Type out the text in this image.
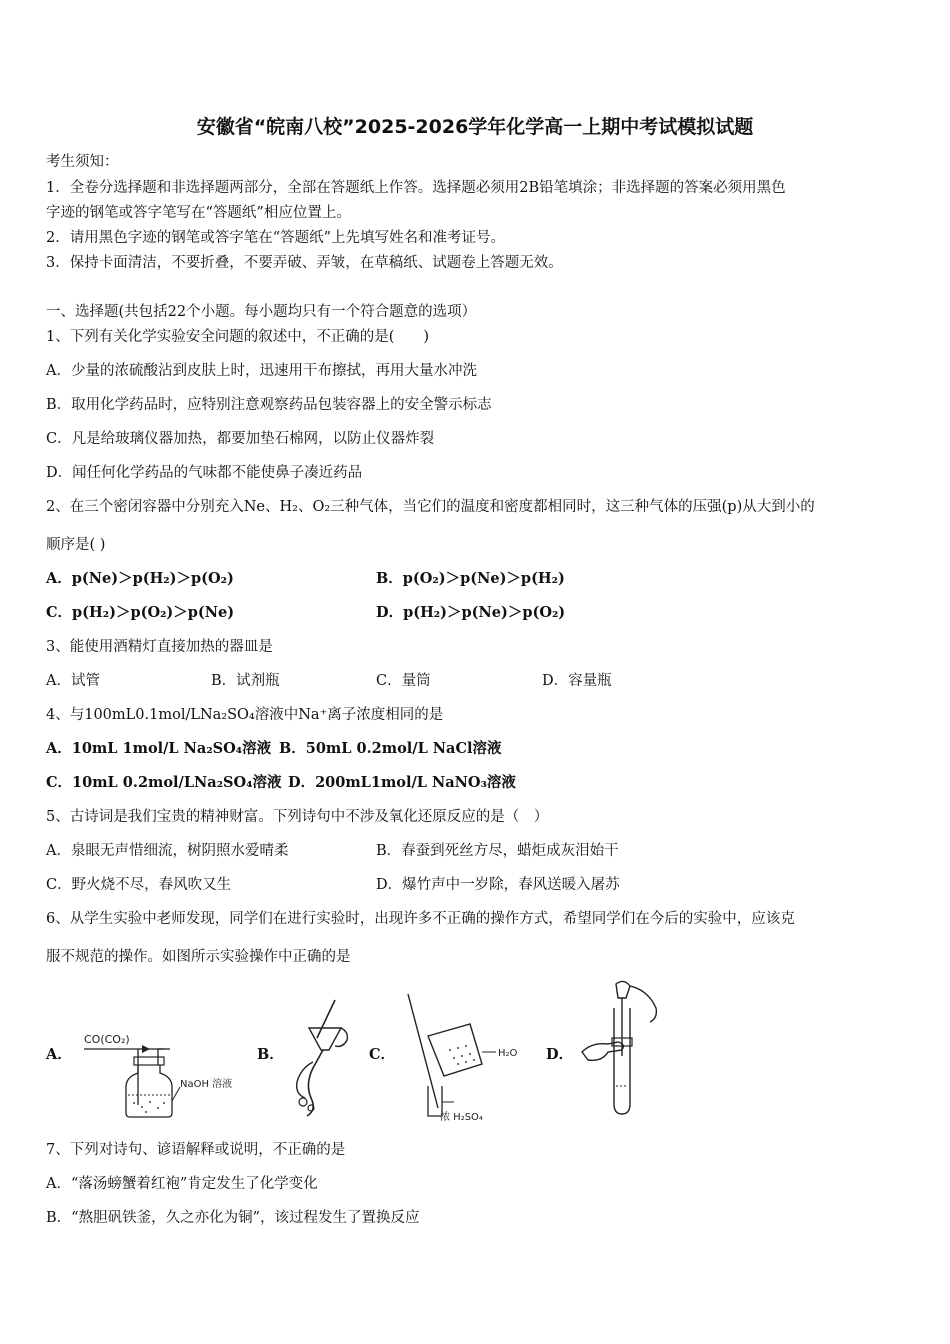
安徽省“皖南八校”2025-2026学年化学高一上期中考试模拟试题
考生须知：
1．全卷分选择题和非选择题两部分，全部在答题纸上作答。选择题必须用2B铅笔填涂；非选择题的答案必须用黑色
字迹的钢笔或答字笔写在“答题纸”相应位置上。
2．请用黑色字迹的钢笔或答字笔在“答题纸”上先填写姓名和准考证号。
3．保持卡面清洁，不要折叠，不要弄破、弄皱，在草稿纸、试题卷上答题无效。
一、选择题(共包括22个小题。每小题均只有一个符合题意的选项）
1、下列有关化学实验安全问题的叙述中，不正确的是(　　)
A．少量的浓硫酸沾到皮肤上时，迅速用干布擦拭，再用大量水冲洗
B．取用化学药品时，应特别注意观察药品包装容器上的安全警示标志
C．凡是给玻璃仪器加热，都要加垫石棉网，以防止仪器炸裂
D．闻任何化学药品的气味都不能使鼻子凑近药品
2、在三个密闭容器中分别充入Ne、H₂、O₂三种气体，当它们的温度和密度都相同时，这三种气体的压强(p)从大到小的
顺序是( )
A．p(Ne)＞p(H₂)＞p(O₂)	B．p(O₂)＞p(Ne)＞p(H₂)
C．p(H₂)＞p(O₂)＞p(Ne)	D．p(H₂)＞p(Ne)＞p(O₂)
3、能使用酒精灯直接加热的器皿是
A．试管	B．试剂瓶	C．量筒	D．容量瓶
4、与100mL0.1mol/LNa₂SO₄溶液中Na⁺离子浓度相同的是
A．10mL 1mol/L Na₂SO₄溶液 B．50mL 0.2mol/L NaCl溶液
C．10mL 0.2mol/LNa₂SO₄溶液 D．200mL1mol/L NaNO₃溶液
5、古诗词是我们宝贵的精神财富。下列诗句中不涉及氧化还原反应的是（　）
A．泉眼无声惜细流，树阴照水爱晴柔	B．春蚕到死丝方尽，蜡炬成灰泪始干
C．野火烧不尽，春风吹又生	D．爆竹声中一岁除，春风送暖入屠苏
6、从学生实验中老师发现，同学们在进行实验时，出现许多不正确的操作方式，希望同学们在今后的实验中，应该克
服不规范的操作。如图所示实验操作中正确的是
A．	B．	C．	D．
CO(CO₂)
NaOH 溶液
H₂O
浓 H₂SO₄
7、下列对诗句、谚语解释或说明，不正确的是
A．“落汤螃蟹着红袍”肯定发生了化学变化
B．“熬胆矾铁釜，久之亦化为铜”，该过程发生了置换反应
